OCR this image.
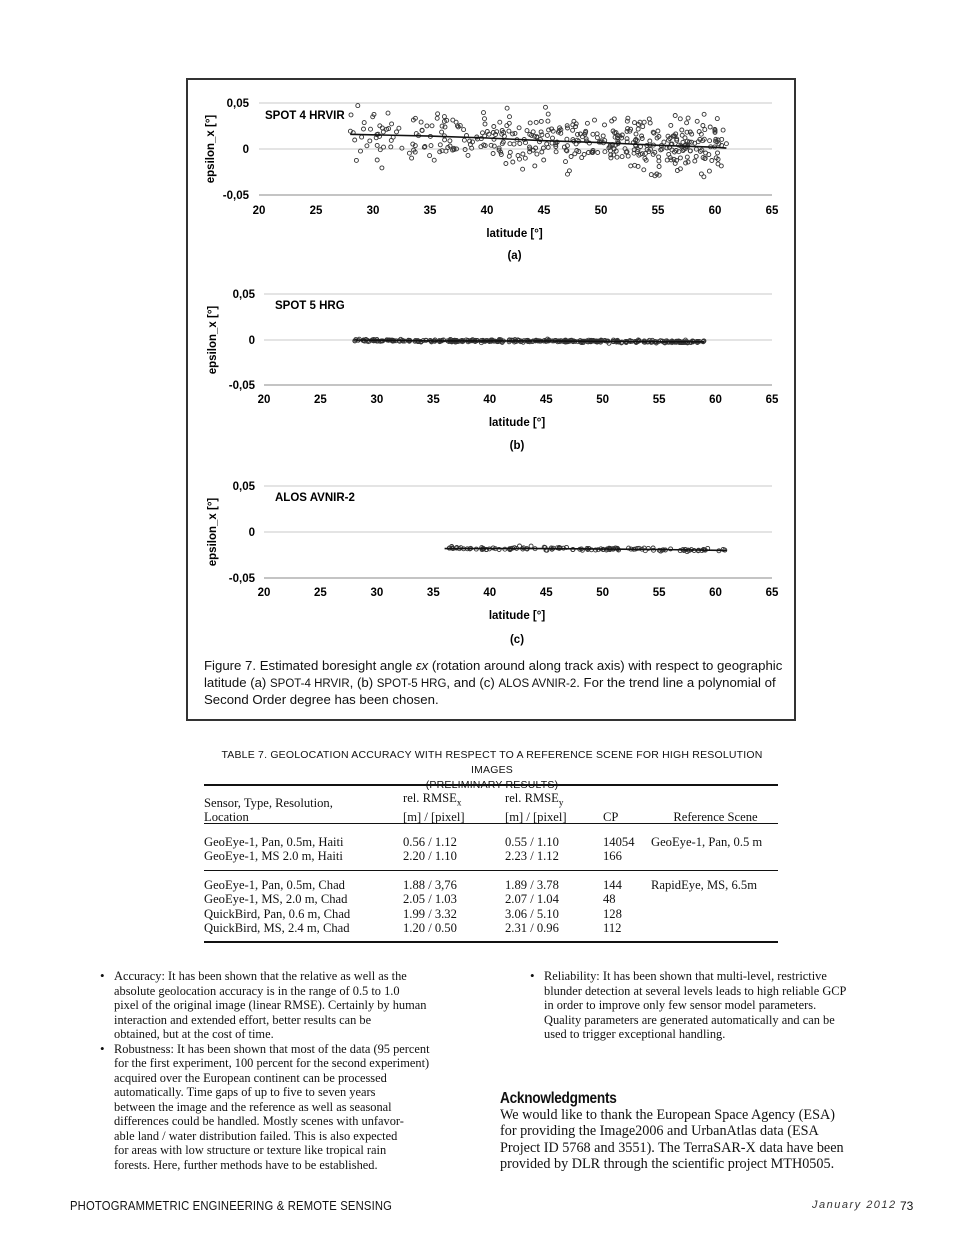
0,05
0
-0,05
20	25	30	35	40	45	50	55	60	65
latitude [°]
epsilon_x [°]
(a)
SPOT 4 HRVIR
0,05
0
-0,05
20	25	30	35	40	45	50	55	60	65
latitude [°]
epsilon_x [°]
(b)
SPOT 5 HRG
0,05
0
-0,05
20	25	30	35	40	45	50	55	60	65
latitude [°]
epsilon_x [°]
(c)
ALOS AVNIR-2
Figure 7. Estimated boresight angle εx (rotation around along track axis) with respect to geographic latitude (a) SPOT-4 HRVIR, (b) SPOT-5 HRG, and (c) ALOS AVNIR-2. For the trend line a polynomial of Second Order degree has been chosen.
TABLE 7. GEOLOCATION ACCURACY WITH RESPECT TO A REFERENCE SCENE FOR HIGH RESOLUTION IMAGES
Sensor, Type, Resolution,	rel. $RMSE_x$	rel. $RMSE_y$		
Location	[m] / [pixel]	[m] / [pixel]	CP	Reference Scene

GeoEye-1, Pan, 0.5m, Haiti	0.56 / 1.12	0.55 / 1.10	14054	GeoEye-1, Pan, 0.5 m
GeoEye-1, MS 2.0 m, Haiti	2.20 / 1.10	2.23 / 1.12	166	

GeoEye-1, Pan, 0.5m, Chad	1.88 / 3,76	1.89 / 3.78	144	RapidEye, MS, 6.5m
GeoEye-1, MS, 2.0 m, Chad	2.05 / 1.03	2.07 / 1.04	48	
QuickBird, Pan, 0.6 m, Chad	1.99 / 3.32	3.06 / 5.10	128	
QuickBird, MS, 2.4 m, Chad	1.20 / 0.50	2.31 / 0.96	112	
• Accuracy: It has been shown that the relative as well as the
absolute geolocation accuracy is in the range of 0.5 to 1.0
pixel of the original image (linear RMSE). Certainly by human
interaction and extended effort, better results can be
obtained, but at the cost of time.
• Robustness: It has been shown that most of the data (95 percent
for the first experiment, 100 percent for the second experiment)
acquired over the European continent can be processed
automatically. Time gaps of up to five to seven years
between the image and the reference as well as seasonal
differences could be handled. Mostly scenes with unfavor-
able land / water distribution failed. This is also expected
for areas with low structure or texture like tropical rain
forests. Here, further methods have to be established.
• Reliability: It has been shown that multi-level, restrictive
blunder detection at several levels leads to high reliable GCP
in order to improve only few sensor model parameters.
Quality parameters are generated automatically and can be
used to trigger exceptional handling.
Acknowledgments
We would like to thank the European Space Agency (ESA)
for providing the Image2006 and UrbanAtlas data (ESA
Project ID 5768 and 3551). The TerraSAR-X data have been
provided by DLR through the scientific project MTH0505.
PHOTOGRAMMETRIC ENGINEERING & REMOTE SENSING	January 2012 73
